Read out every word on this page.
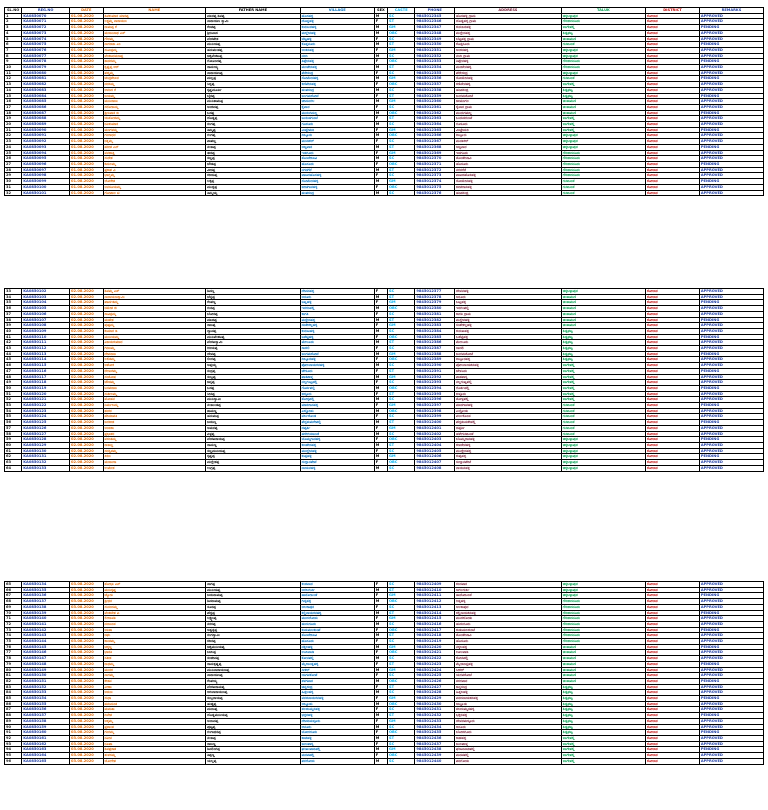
SL.NO	REG.NO	DATE	NAME	FATHER NAME	VILLAGE	SEX	CASTE	PHONE	ADDRESS	TALUK	DISTRICT	REMARKS
1	KA0850070	01.08.2020	ಶಿವಕುಮಾರ ಮಾರಪ್ಪ	ಮಾರಪ್ಪ ಶಿವಪ್ಪ	ಹೊಸಹಳ್ಳಿ	M	SC	9845012345	ಹೊಸಹಳ್ಳಿ ಗ್ರಾಮ	ಚಿಕ್ಕಬಳ್ಳಾಪುರ	ಕೋಲಾರ	APPROVED
2	KA0850071	01.08.2020	ಲಕ್ಷ್ಮಮ್ಮ ನಾರಾಯಣ	ನಾರಾಯಣ ಸ್ವಾಮಿ	ದೊಡ್ಡಹಳ್ಳಿ	F	ST	9845012346	ದೊಡ್ಡಹಳ್ಳಿ ಗ್ರಾಮ	ಗೌರಿಬಿದನೂರು	ಕೋಲಾರ	APPROVED
3	KA0850072	01.08.2020	ರಾಮಪ್ಪ ಕೆ	ಕೆಂಚಪ್ಪ	ಕುರುಬರಹಳ್ಳಿ	M	GM	9845012347	ಕುರುಬರಹಳ್ಳಿ	ಬಾಗೇಪಲ್ಲಿ	ಕೋಲಾರ	PENDING
4	KA0850073	01.08.2020	ಮಂಜುನಾಥ ಎಸ್	ಶ್ರೀನಿವಾಸ	ಮಲ್ಲೇನಹಳ್ಳಿ	M	OBC	9845012348	ಮಲ್ಲೇನಹಳ್ಳಿ	ಶಿಡ್ಲಘಟ್ಟ	ಕೋಲಾರ	APPROVED
5	KA0850074	01.08.2020	ಗೌರಮ್ಮ	ವೆಂಕಟೇಶ	ಬೆಟ್ಟಹಳ್ಳಿ	F	SC	9845012349	ಬೆಟ್ಟಹಳ್ಳಿ ಗ್ರಾಮ	ಚಿಂತಾಮಣಿ	ಕೋಲಾರ	APPROVED
6	KA0850075	01.08.2020	ನಾಗರಾಜ ಎಂ	ಮುನಿಯಪ್ಪ	ಕೊತ್ತನೂರು	M	ST	9845012350	ಕೊತ್ತನೂರು	ಗುಡಿಬಂಡೆ	ಕೋಲಾರ	PENDING
7	KA0850076	01.08.2020	ಸುಮಿತ್ರಮ್ಮ	ಹನುಮಂತಪ್ಪ	ಅಂಕನಹಳ್ಳಿ	F	GM	9845012351	ಅಂಕನಹಳ್ಳಿ	ಚಿಕ್ಕಬಳ್ಳಾಪುರ	ಕೋಲಾರ	APPROVED
8	KA0850077	01.08.2020	ವೆಂಕಟರಮಣಪ್ಪ	ಚಿಕ್ಕವೆಂಕಟಪ್ಪ	ನಂದಿ	M	SC	9845012352	ನಂದಿ ಗ್ರಾಮ	ಚಿಕ್ಕಬಳ್ಳಾಪುರ	ಕೋಲಾರ	APPROVED
9	KA0850078	01.08.2020	ಶಾರದಮ್ಮ	ಗೋವಿಂದಪ್ಪ	ತಿಪ್ಪೇನಹಳ್ಳಿ	F	OBC	9845012353	ತಿಪ್ಪೇನಹಳ್ಳಿ	ಗೌರಿಬಿದನೂರು	ಕೋಲಾರ	PENDING
10	KA0850079	01.08.2020	ಕೃಷ್ಣಪ್ಪ ಆರ್	ರಾಮಯ್ಯ	ಮಂಚೇನಹಳ್ಳಿ	M	ST	9845012354	ಮಂಚೇನಹಳ್ಳಿ	ಗೌರಿಬಿದನೂರು	ಕೋಲಾರ	APPROVED
11	KA0850080	01.08.2020	ಪದ್ಮಮ್ಮ	ನಾರಾಯಣಪ್ಪ	ಪೆರೇಸಂದ್ರ	F	SC	9845012355	ಪೆರೇಸಂದ್ರ	ಚಿಕ್ಕಬಳ್ಳಾಪುರ	ಕೋಲಾರ	APPROVED
12	KA0850081	01.08.2020	ಚಂದ್ರಶೇಖರ	ಮಲ್ಲಪ್ಪ	ಸೋಮೇನಹಳ್ಳಿ	M	GM	9845012356	ಸೋಮೇನಹಳ್ಳಿ	ಗುಡಿಬಂಡೆ	ಕೋಲಾರ	PENDING
13	KA0850082	01.08.2020	ನರಸಮ್ಮ	ಸಿದ್ದಪ್ಪ	ಕಣಿವೇನಹಳ್ಳಿ	F	OBC	9845012357	ಕಣಿವೇನಹಳ್ಳಿ	ಬಾಗೇಪಲ್ಲಿ	ಕೋಲಾರ	APPROVED
14	KA0850083	01.08.2020	ಆನಂದ ಕೆ	ಕೃಷ್ಣಮೂರ್ತಿ	ಹಂಪಸಂದ್ರ	M	SC	9845012358	ಹಂಪಸಂದ್ರ	ಶಿಡ್ಲಘಟ್ಟ	ಕೋಲಾರ	APPROVED
15	KA0850084	01.08.2020	ಜಯಮ್ಮ	ಬೈರಪ್ಪ	ಜಂಗಮಕೋಟೆ	F	ST	9845012359	ಜಂಗಮಕೋಟೆ	ಶಿಡ್ಲಘಟ್ಟ	ಕೋಲಾರ	PENDING
16	KA0850085	01.08.2020	ಮುನಿರಾಜು	ಮುನಿಶಾಮಪ್ಪ	ಚೀಮಂಗಲ	M	GM	9845012360	ಚೀಮಂಗಲ	ಚಿಂತಾಮಣಿ	ಕೋಲಾರ	APPROVED
17	KA0850086	01.08.2020	ಸರೋಜಮ್ಮ	ಅಂಜಿನಪ್ಪ	ಕೈವಾರ	F	SC	9845012361	ಕೈವಾರ ಗ್ರಾಮ	ಚಿಂತಾಮಣಿ	ಕೋಲಾರ	APPROVED
18	KA0850087	01.08.2020	ಶ್ರೀನಿವಾಸ ಬಿ	ಬಸಪ್ಪ	ಮುರುಗಮಲ್ಲ	M	OBC	9845012362	ಮುರುಗಮಲ್ಲ	ಚಿಂತಾಮಣಿ	ಕೋಲಾರ	PENDING
19	KA0850088	01.08.2020	ಯಶೋದಮ್ಮ	ದೊಡ್ಡಪ್ಪ	ಬುರುಡಗುಂಟೆ	F	ST	9845012363	ಬುರುಡಗುಂಟೆ	ಬಾಗೇಪಲ್ಲಿ	ಕೋಲಾರ	APPROVED
20	KA0850089	01.08.2020	ರವಿಕುಮಾರ	ರಂಗಪ್ಪ	ಗೂಳೂರು	M	SC	9845012364	ಗೂಳೂರು	ಬಾಗೇಪಲ್ಲಿ	ಕೋಲಾರ	APPROVED
21	KA0850090	01.08.2020	ಮಂಗಳಮ್ಮ	ತಿಮ್ಮಪ್ಪ	ಮಿಟ್ಟೇಮರಿ	F	GM	9845012365	ಮಿಟ್ಟೇಮರಿ	ಬಾಗೇಪಲ್ಲಿ	ಕೋಲಾರ	PENDING
22	KA0850091	01.08.2020	ಗಂಗಾಧರ	ಗಂಗಪ್ಪ	ದಿಬ್ಬೂರು	M	OBC	9845012366	ದಿಬ್ಬೂರು	ಚಿಕ್ಕಬಳ್ಳಾಪುರ	ಕೋಲಾರ	APPROVED
23	KA0850092	01.08.2020	ರತ್ನಮ್ಮ	ಪಾಪಣ್ಣ	ಮಂಡಿಕಲ್	F	SC	9845012367	ಮಂಡಿಕಲ್	ಚಿಕ್ಕಬಳ್ಳಾಪುರ	ಕೋಲಾರ	APPROVED
24	KA0850093	01.08.2020	ಹರೀಶ ಎನ್	ನಂಜಪ್ಪ	ಅಜ್ಜವಾರ	M	ST	9845012368	ಅಜ್ಜವಾರ	ಚಿಕ್ಕಬಳ್ಳಾಪುರ	ಕೋಲಾರ	PENDING
25	KA0850094	01.08.2020	ವನಜಾಕ್ಷಿ	ಈರಪ್ಪ	ಇಡಗೂರು	F	GM	9845012369	ಇಡಗೂರು	ಗೌರಿಬಿದನೂರು	ಕೋಲಾರ	APPROVED
26	KA0850095	01.08.2020	ಸುರೇಶ	ಸಣ್ಣಪ್ಪ	ತೊಂಡೇಬಾವಿ	M	SC	9845012370	ತೊಂಡೇಬಾವಿ	ಗೌರಿಬಿದನೂರು	ಕೋಲಾರ	APPROVED
27	KA0850096	01.08.2020	ಕಮಲಮ್ಮ	ಚೌಡಪ್ಪ	ಹೊಸೂರು	F	OBC	9845012371	ಹೊಸೂರು	ಗೌರಿಬಿದನೂರು	ಕೋಲಾರ	PENDING
28	KA0850097	01.08.2020	ಪ್ರಕಾಶ ವಿ	ವೀರಪ್ಪ	ನಗರಗೆರೆ	M	ST	9845012372	ನಗರಗೆರೆ	ಗೌರಿಬಿದನೂರು	ಕೋಲಾರ	APPROVED
29	KA0850098	01.08.2020	ಭಾಗ್ಯಮ್ಮ	ಕರಿಯಪ್ಪ	ವಾಟದಹೊಸಹಳ್ಳಿ	F	SC	9845012373	ವಾಟದಹೊಸಹಳ್ಳಿ	ಗೌರಿಬಿದನೂರು	ಕೋಲಾರ	APPROVED
30	KA0850099	01.08.2020	ಲೋಕೇಶ	ಲಕ್ಕಪ್ಪ	ಸೋಮೇನಹಳ್ಳಿ	M	GM	9845012374	ಸೋಮೇನಹಳ್ಳಿ	ಗುಡಿಬಂಡೆ	ಕೋಲಾರ	PENDING
31	KA0850100	01.08.2020	ಅನಸೂಯಮ್ಮ	ಮುದ್ದಪ್ಪ	ಬೀಚಗಾನಹಳ್ಳಿ	F	OBC	9845012375	ಬೀಚಗಾನಹಳ್ಳಿ	ಗುಡಿಬಂಡೆ	ಕೋಲಾರ	APPROVED
32	KA0850101	01.08.2020	ಗೋಪಾಲ ಟಿ	ತಿಮ್ಮಯ್ಯ	ಹಂಪಸಂದ್ರ	M	SC	9845012376	ಹಂಪಸಂದ್ರ	ಗುಡಿಬಂಡೆ	ಕೋಲಾರ	APPROVED
33	KA0850102	02.08.2020	ಶಿವಮ್ಮ ಎಸ್	ಶಿವಣ್ಣ	ದೇವನಹಳ್ಳಿ	F	SC	9845012377	ದೇವನಹಳ್ಳಿ	ಚಿಕ್ಕಬಳ್ಳಾಪುರ	ಕೋಲಾರ	APPROVED
34	KA0850103	02.08.2020	ನಾರಾಯಣಸ್ವಾಮಿ	ಚೆನ್ನಪ್ಪ	ಅರೂರು	M	ST	9845012378	ಅರೂರು	ಚಿಂತಾಮಣಿ	ಕೋಲಾರ	APPROVED
35	KA0850104	02.08.2020	ಪಾರ್ವತಮ್ಮ	ಕೆಂಪಣ್ಣ	ಬಟ್ಲಹಳ್ಳಿ	F	GM	9845012379	ಬಟ್ಲಹಳ್ಳಿ	ಚಿಂತಾಮಣಿ	ಕೋಲಾರ	PENDING
36	KA0850105	02.08.2020	ರಮೇಶ ಜಿ	ಗುರಪ್ಪ	ಇರಗಂಪಲ್ಲಿ	M	OBC	9845012380	ಇರಗಂಪಲ್ಲಿ	ಚಿಂತಾಮಣಿ	ಕೋಲಾರ	APPROVED
37	KA0850106	02.08.2020	ಸಾವಿತ್ರಮ್ಮ	ಬೋರಪ್ಪ	ಕಾಗತಿ	F	SC	9845012381	ಕಾಗತಿ ಗ್ರಾಮ	ಚಿಂತಾಮಣಿ	ಕೋಲಾರ	APPROVED
38	KA0850107	02.08.2020	ಮಹೇಶ	ಮಾದಪ್ಪ	ಮಸ್ತೇನಹಳ್ಳಿ	M	ST	9845012382	ಮಸ್ತೇನಹಳ್ಳಿ	ಚಿಂತಾಮಣಿ	ಕೋಲಾರ	PENDING
39	KA0850108	02.08.2020	ಪುಷ್ಪಮ್ಮ	ರಾಜಪ್ಪ	ಸಂತೇಕಲ್ಲಹಳ್ಳಿ	F	GM	9845012383	ಸಂತೇಕಲ್ಲಹಳ್ಳಿ	ಚಿಂತಾಮಣಿ	ಕೋಲಾರ	APPROVED
40	KA0850109	02.08.2020	ಕುಮಾರ ಡಿ	ದ್ಯಾವಪ್ಪ	ಕುರುಟಹಳ್ಳಿ	M	SC	9845012384	ಕುರುಟಹಳ್ಳಿ	ಶಿಡ್ಲಘಟ್ಟ	ಕೋಲಾರ	APPROVED
41	KA0850110	02.08.2020	ಮುನಿಯಮ್ಮ	ಮುನಿವೆಂಕಟಪ್ಪ	ಬಶೆಟ್ಟಿಹಳ್ಳಿ	F	OBC	9845012385	ಬಶೆಟ್ಟಿಹಳ್ಳಿ	ಶಿಡ್ಲಘಟ್ಟ	ಕೋಲಾರ	PENDING
42	KA0850111	02.08.2020	ವಿಜಯಕುಮಾರ	ವೆಂಕಟಸ್ವಾಮಿ	ಮೇಲೂರು	M	ST	9845012386	ಮೇಲೂರು	ಶಿಡ್ಲಘಟ್ಟ	ಕೋಲಾರ	APPROVED
43	KA0850112	02.08.2020	ಗಿರಿಜಮ್ಮ	ಗಿರಿಯಪ್ಪ	ಸಾದಲಿ	F	SC	9845012387	ಸಾದಲಿ	ಶಿಡ್ಲಘಟ್ಟ	ಕೋಲಾರ	APPROVED
44	KA0850113	02.08.2020	ದೇವರಾಜ	ದೇವಪ್ಪ	ಜಂಗಮಕೋಟೆ	M	GM	9845012388	ಜಂಗಮಕೋಟೆ	ಶಿಡ್ಲಘಟ್ಟ	ಕೋಲಾರ	PENDING
45	KA0850114	02.08.2020	ಲಲಿತಮ್ಮ	ಲಿಂಗಪ್ಪ	ದಿಬ್ಬೂರಹಳ್ಳಿ	F	OBC	9845012389	ದಿಬ್ಬೂರಹಳ್ಳಿ	ಶಿಡ್ಲಘಟ್ಟ	ಕೋಲಾರ	APPROVED
46	KA0850115	02.08.2020	ಅಶೋಕ	ಅಪ್ಪಯ್ಯ	ಪೋಲನಾಯಕನಹಳ್ಳಿ	M	SC	9845012390	ಪೋಲನಾಯಕನಹಳ್ಳಿ	ಬಾಗೇಪಲ್ಲಿ	ಕೋಲಾರ	APPROVED
47	KA0850116	02.08.2020	ರೇಣುಕಮ್ಮ	ರುದ್ರಪ್ಪ	ಚೇಳೂರು	F	ST	9845012391	ಚೇಳೂರು	ಬಾಗೇಪಲ್ಲಿ	ಕೋಲಾರ	PENDING
48	KA0850117	02.08.2020	ಸಂತೋಷ	ಸುಬ್ಬಪ್ಪ	ಪಾತಪಾಳ್ಯ	M	GM	9845012392	ಪಾತಪಾಳ್ಯ	ಬಾಗೇಪಲ್ಲಿ	ಕೋಲಾರ	APPROVED
49	KA0850118	02.08.2020	ಚೌಡಮ್ಮ	ಚಿನ್ನಪ್ಪ	ನಲ್ಲಗುಟ್ಲಪಲ್ಲಿ	F	SC	9845012393	ನಲ್ಲಗುಟ್ಲಪಲ್ಲಿ	ಬಾಗೇಪಲ್ಲಿ	ಕೋಲಾರ	APPROVED
50	KA0850119	02.08.2020	ಬಸವರಾಜ	ಬಸಪ್ಪ	ಗೊರ್ತಪಲ್ಲಿ	M	OBC	9845012394	ಗೊರ್ತಪಲ್ಲಿ	ಬಾಗೇಪಲ್ಲಿ	ಕೋಲಾರ	PENDING
51	KA0850120	02.08.2020	ಸುಶೀಲಮ್ಮ	ಸೀನಪ್ಪ	ಬಿಳ್ಳೂರು	F	ST	9845012395	ಬಿಳ್ಳೂರು	ಬಾಗೇಪಲ್ಲಿ	ಕೋಲಾರ	APPROVED
52	KA0850121	02.08.2020	ಮೋಹನ	ಮುನಿಸ್ವಾಮಿ	ತೋಳ್ಳಪಲ್ಲಿ	M	SC	9845012396	ತೋಳ್ಳಪಲ್ಲಿ	ಬಾಗೇಪಲ್ಲಿ	ಕೋಲಾರ	APPROVED
53	KA0850122	02.08.2020	ನಿರ್ಮಲಮ್ಮ	ನಂಜುಂಡಪ್ಪ	ಮಾರಗಾನಹಳ್ಳಿ	F	GM	9845012397	ಮಾರಗಾನಹಳ್ಳಿ	ಗುಡಿಬಂಡೆ	ಕೋಲಾರ	PENDING
54	KA0850123	02.08.2020	ಶಂಕರ	ಶಾಮಣ್ಣ	ಎಲ್ಲೋಡು	M	OBC	9845012398	ಎಲ್ಲೋಡು	ಗುಡಿಬಂಡೆ	ಕೋಲಾರ	APPROVED
55	KA0850124	02.08.2020	ಹೇಮಾವತಿ	ಹನುಮಪ್ಪ	ವರ್ಲಕೊಂಡ	F	SC	9845012399	ವರ್ಲಕೊಂಡ	ಗುಡಿಬಂಡೆ	ಕೋಲಾರ	APPROVED
56	KA0850125	02.08.2020	ಜಗದೀಶ	ಜಯಣ್ಣ	ಪೆದ್ದತುಮಕೇಪಲ್ಲಿ	M	ST	9845012400	ಪೆದ್ದತುಮಕೇಪಲ್ಲಿ	ಗುಡಿಬಂಡೆ	ಕೋಲಾರ	PENDING
57	KA0850126	02.08.2020	ಅಂಬಿಕಾ	ಅಮರಪ್ಪ	ದಪ್ಪರ್ತಿ	F	GM	9845012401	ದಪ್ಪರ್ತಿ	ಗುಡಿಬಂಡೆ	ಕೋಲಾರ	APPROVED
58	KA0850127	02.08.2020	ಪ್ರಭಾಕರ	ಪಿಳ್ಳಪ್ಪ	ಹಳೇಗುಡಿಬಂಡೆ	M	SC	9845012402	ಹಳೇಗುಡಿಬಂಡೆ	ಗುಡಿಬಂಡೆ	ಕೋಲಾರ	APPROVED
59	KA0850128	02.08.2020	ವಸಂತಮ್ಮ	ವೆಂಕಟರಾಯಪ್ಪ	ಬೊಮ್ಮಗಾನಹಳ್ಳಿ	F	OBC	9845012403	ಬೊಮ್ಮಗಾನಹಳ್ಳಿ	ಚಿಕ್ಕಬಳ್ಳಾಪುರ	ಕೋಲಾರ	PENDING
60	KA0850129	02.08.2020	ರಾಜಣ್ಣ	ರಾಮಣ್ಣ	ಕಣಜೇನಹಳ್ಳಿ	M	ST	9845012404	ಕಣಜೇನಹಳ್ಳಿ	ಚಿಕ್ಕಬಳ್ಳಾಪುರ	ಕೋಲಾರ	APPROVED
61	KA0850130	02.08.2020	ಸರಸ್ವತಮ್ಮ	ಸಣ್ಣಮುನಿಯಪ್ಪ	ಮುದ್ದೇನಹಳ್ಳಿ	F	SC	9845012405	ಮುದ್ದೇನಹಳ್ಳಿ	ಚಿಕ್ಕಬಳ್ಳಾಪುರ	ಕೋಲಾರ	APPROVED
62	KA0850131	02.08.2020	ಕಿರಣ	ಕೃಷ್ಣಪ್ಪ	ಕುಪ್ಪಹಳ್ಳಿ	M	GM	9845012406	ಕುಪ್ಪಹಳ್ಳಿ	ಚಿಕ್ಕಬಳ್ಳಾಪುರ	ಕೋಲಾರ	PENDING
63	KA0850132	02.08.2020	ಮಂಜುಳಾ	ಮಲ್ಲೇಶಪ್ಪ	ಸುಲ್ತಾನಪೇಟೆ	F	OBC	9845012407	ಸುಲ್ತಾನಪೇಟೆ	ಚಿಕ್ಕಬಳ್ಳಾಪುರ	ಕೋಲಾರ	APPROVED
64	KA0850133	02.08.2020	ಉಮೇಶ	ಉಗ್ರಪ್ಪ	ನಾಯನಹಳ್ಳಿ	M	SC	9845012408	ನಾಯನಹಳ್ಳಿ	ಚಿಕ್ಕಬಳ್ಳಾಪುರ	ಕೋಲಾರ	APPROVED
65	KA0850134	03.08.2020	ಶೋಭಾ ಎನ್	ನಾಗಪ್ಪ	ಕಂದವಾರ	F	SC	9845012409	ಕಂದವಾರ	ಚಿಕ್ಕಬಳ್ಳಾಪುರ	ಕೋಲಾರ	APPROVED
66	KA0850135	03.08.2020	ಮುನಿಕೃಷ್ಣ	ಮುನಿಯಪ್ಪ	ಅಗಲಗುರ್ಕಿ	M	ST	9845012410	ಅಗಲಗುರ್ಕಿ	ಚಿಕ್ಕಬಳ್ಳಾಪುರ	ಕೋಲಾರ	APPROVED
67	KA0850136	03.08.2020	ಜ್ಯೋತಿ	ಜಯರಾಮಪ್ಪ	ಹಾರೋಬಂಡೆ	F	GM	9845012411	ಹಾರೋಬಂಡೆ	ಚಿಕ್ಕಬಳ್ಳಾಪುರ	ಕೋಲಾರ	PENDING
68	KA0850137	03.08.2020	ಶ್ರೀಧರ	ಶಿವರಾಮಪ್ಪ	ಗಿಡ್ನಹಳ್ಳಿ	M	OBC	9845012412	ಗಿಡ್ನಹಳ್ಳಿ	ಗೌರಿಬಿದನೂರು	ಕೋಲಾರ	APPROVED
69	KA0850138	03.08.2020	ಸುನಂದಮ್ಮ	ಸೂರಪ್ಪ	ಅಲಕಾಪುರ	F	SC	9845012413	ಅಲಕಾಪುರ	ಗೌರಿಬಿದನೂರು	ಕೋಲಾರ	APPROVED
70	KA0850139	03.08.2020	ವೆಂಕಟೇಶ ಪಿ	ಪೆದ್ದಪ್ಪ	ಕಲ್ಲಿನಾಯಕನಹಳ್ಳಿ	M	ST	9845012414	ಕಲ್ಲಿನಾಯಕನಹಳ್ಳಿ	ಗೌರಿಬಿದನೂರು	ಕೋಲಾರ	PENDING
71	KA0850140	03.08.2020	ಲೀಲಾವತಿ	ಲಕ್ಷ್ಮಣಪ್ಪ	ಮುದಲೋಡು	F	GM	9845012415	ಮುದಲೋಡು	ಗೌರಿಬಿದನೂರು	ಕೋಲಾರ	APPROVED
72	KA0850141	03.08.2020	ನಂಜುಂಡ	ನರಸಪ್ಪ	ಹುದುಗೂರು	M	SC	9845012416	ಹುದುಗೂರು	ಗೌರಿಬಿದನೂರು	ಕೋಲಾರ	APPROVED
73	KA0850142	03.08.2020	ಅನಿತಾ	ಅಶ್ವತ್ಥಪ್ಪ	ಕುಡುಮಲಕುಂಟೆ	F	OBC	9845012417	ಕುಡುಮಲಕುಂಟೆ	ಗೌರಿಬಿದನೂರು	ಕೋಲಾರ	PENDING
74	KA0850143	03.08.2020	ರಘು	ರಂಗಸ್ವಾಮಿ	ತೊಂಡೇಬಾವಿ	M	ST	9845012418	ತೊಂಡೇಬಾವಿ	ಗೌರಿಬಿದನೂರು	ಕೋಲಾರ	APPROVED
75	KA0850144	03.08.2020	ಕಾಂತಮ್ಮ	ಕದಿರಪ್ಪ	ಹೊಸೂರು	F	SC	9845012419	ಹೊಸೂರು	ಗೌರಿಬಿದನೂರು	ಕೋಲಾರ	APPROVED
76	KA0850145	03.08.2020	ಚಿಕ್ಕಣ್ಣ	ಚಿಕ್ಕಮುನಿಯಪ್ಪ	ನಕ್ಕಲಹಳ್ಳಿ	M	GM	9845012420	ನಕ್ಕಲಹಳ್ಳಿ	ಚಿಂತಾಮಣಿ	ಕೋಲಾರ	PENDING
77	KA0850146	03.08.2020	ಭಾರತಿ	ಬಾಲಪ್ಪ	ಊಲವಾಡಿ	F	OBC	9845012421	ಊಲವಾಡಿ	ಚಿಂತಾಮಣಿ	ಕೋಲಾರ	APPROVED
78	KA0850147	03.08.2020	ಸತೀಶ	ಸಂಜೀವಪ್ಪ	ಕೋನಪಲ್ಲಿ	M	SC	9845012422	ಕೋನಪಲ್ಲಿ	ಚಿಂತಾಮಣಿ	ಕೋಲಾರ	APPROVED
79	KA0850148	03.08.2020	ರಾಧಮ್ಮ	ರಾಮಕೃಷ್ಣಪ್ಪ	ಮೈಲಾಂಡ್ಲಹಳ್ಳಿ	F	ST	9845012423	ಮೈಲಾಂಡ್ಲಹಳ್ಳಿ	ಚಿಂತಾಮಣಿ	ಕೋಲಾರ	PENDING
80	KA0850149	03.08.2020	ಮುರಳಿ	ಮುನಿನಾರಾಯಣಪ್ಪ	ಸೀಕಲ್	M	GM	9845012424	ಸೀಕಲ್	ಚಿಂತಾಮಣಿ	ಕೋಲಾರ	APPROVED
81	KA0850150	03.08.2020	ನಾಗಮ್ಮ	ನಾರಾಯಣಪ್ಪ	ಯಗವಕೋಟೆ	F	SC	9845012425	ಯಗವಕೋಟೆ	ಚಿಂತಾಮಣಿ	ಕೋಲಾರ	APPROVED
82	KA0850151	03.08.2020	ಕೇಶವ	ಕೆಂಪಯ್ಯ	ತಳಗವಾರ	M	OBC	9845012426	ತಳಗವಾರ	ಚಿಂತಾಮಣಿ	ಕೋಲಾರ	PENDING
83	KA0850152	03.08.2020	ವೀಣಾ	ವೆಂಕಟರಾಮಪ್ಪ	ಚಿನ್ನಸಂದ್ರ	F	ST	9845012427	ಚಿನ್ನಸಂದ್ರ	ಶಿಡ್ಲಘಟ್ಟ	ಕೋಲಾರ	APPROVED
84	KA0850153	03.08.2020	ಅರುಣ	ಆದಿನಾರಾಯಣಪ್ಪ	ಹಿತ್ತಲಹಳ್ಳಿ	M	SC	9845012428	ಹಿತ್ತಲಹಳ್ಳಿ	ಶಿಡ್ಲಘಟ್ಟ	ಕೋಲಾರ	APPROVED
85	KA0850154	03.08.2020	ಸುಧಾ	ಸುಬ್ಬರಾಯಪ್ಪ	ವರದನಾಯಕನಹಳ್ಳಿ	F	GM	9845012429	ವರದನಾಯಕನಹಳ್ಳಿ	ಶಿಡ್ಲಘಟ್ಟ	ಕೋಲಾರ	PENDING
86	KA0850155	03.08.2020	ಹನುಮಂತ	ಹುಚ್ಚಪ್ಪ	ಅಬ್ಲೂಡು	M	OBC	9845012430	ಅಬ್ಲೂಡು	ಶಿಡ್ಲಘಟ್ಟ	ಕೋಲಾರ	APPROVED
87	KA0850156	03.08.2020	ಮಮತಾ	ಮಂಜಪ್ಪ	ತಲದುಮ್ಮನಹಳ್ಳಿ	F	SC	9845012431	ತಲದುಮ್ಮನಹಳ್ಳಿ	ಶಿಡ್ಲಘಟ್ಟ	ಕೋಲಾರ	APPROVED
88	KA0850157	03.08.2020	ದಿನೇಶ	ದೊಡ್ಡಮುನಿಯಪ್ಪ	ಭಕ್ತರಹಳ್ಳಿ	M	ST	9845012432	ಭಕ್ತರಹಳ್ಳಿ	ಶಿಡ್ಲಘಟ್ಟ	ಕೋಲಾರ	PENDING
89	KA0850158	03.08.2020	ಅಕ್ಕಮ್ಮ	ಅಂಜನಪ್ಪ	ದೇವರಮಳ್ಳೂರು	F	GM	9845012433	ದೇವರಮಳ್ಳೂರು	ಶಿಡ್ಲಘಟ್ಟ	ಕೋಲಾರ	APPROVED
90	KA0850159	03.08.2020	ಪ್ರಶಾಂತ	ಪುಟ್ಟಪ್ಪ	ಆನೂರು	M	SC	9845012434	ಆನೂರು	ಶಿಡ್ಲಘಟ್ಟ	ಕೋಲಾರ	APPROVED
91	KA0850160	03.08.2020	ಗಂಗಮ್ಮ	ಗಂಗಾಧರಪ್ಪ	ಬೋದಗೂರು	F	OBC	9845012435	ಬೋದಗೂರು	ಶಿಡ್ಲಘಟ್ಟ	ಕೋಲಾರ	PENDING
92	KA0850161	03.08.2020	ನವೀನ	ನಂಜಪ್ಪ	ಕಾಚಹಳ್ಳಿ	M	ST	9845012436	ಕಾಚಹಳ್ಳಿ	ಬಾಗೇಪಲ್ಲಿ	ಕೋಲಾರ	APPROVED
93	KA0850162	03.08.2020	ರೂಪಾ	ರಾಜಣ್ಣ	ಜುಲಪಾಳ್ಯ	F	SC	9845012437	ಜುಲಪಾಳ್ಯ	ಬಾಗೇಪಲ್ಲಿ	ಕೋಲಾರ	APPROVED
94	KA0850163	03.08.2020	ಶಿವಪ್ರಕಾಶ	ಶಿವಲಿಂಗಪ್ಪ	ಘಂಟಂವಾರಿಪಲ್ಲಿ	M	GM	9845012438	ಘಂಟಂವಾರಿಪಲ್ಲಿ	ಬಾಗೇಪಲ್ಲಿ	ಕೋಲಾರ	PENDING
95	KA0850164	03.08.2020	ತುಳಸಮ್ಮ	ತಿಪ್ಪಣ್ಣ	ಮರವಪಲ್ಲಿ	F	OBC	9845012439	ಮರವಪಲ್ಲಿ	ಬಾಗೇಪಲ್ಲಿ	ಕೋಲಾರ	APPROVED
96	KA0850165	03.08.2020	ಯೋಗೇಶ	ಯಲ್ಲಪ್ಪ	ಪರಗೋಡು	M	SC	9845012440	ಪರಗೋಡು	ಬಾಗೇಪಲ್ಲಿ	ಕೋಲಾರ	APPROVED
